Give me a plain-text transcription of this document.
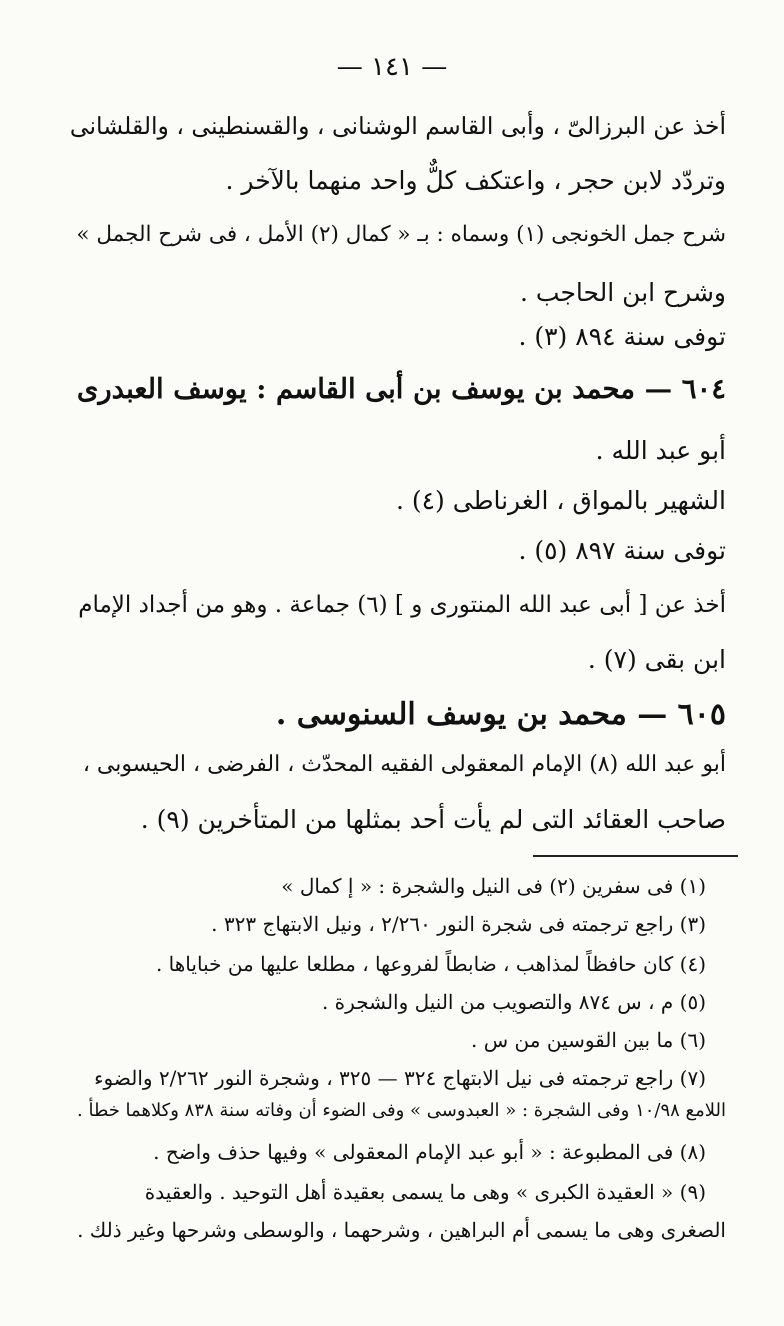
— ١٤١ —
أخذ عن البرزالىّ ، وأبى القاسم الوشنانى ، والقسنطينى ، والقلشانى
وتردّد لابن حجر ، واعتكف كلٌّ واحد منهما بالآخر .
شرح جمل الخونجى (١) وسماه : بـ « كمال (٢) الأمل ، فى شرح الجمل »
وشرح ابن الحاجب .
توفى سنة ٨٩٤ (٣) .
٦٠٤ — محمد بن يوسف بن أبى القاسم : يوسف العبدرى
أبو عبد الله .
الشهير بالمواق ، الغرناطى (٤) .
توفى سنة ٨٩٧ (٥) .
أخذ عن [ أبى عبد الله المنتورى و ] (٦) جماعة . وهو من أجداد الإمام
ابن بقى (٧) .
٦٠٥ — محمد بن يوسف السنوسى .
أبو عبد الله (٨) الإمام المعقولى الفقيه المحدّث ، الفرضى ، الحيسوبى ،
صاحب العقائد التى لم يأت أحد بمثلها من المتأخرين (٩) .
(١) فى سفرين (٢) فى النيل والشجرة : « إ كمال »
(٣) راجع ترجمته فى شجرة النور ٢/٢٦٠ ، ونيل الابتهاج ٣٢٣ .
(٤) كان حافظاً لمذاهب ، ضابطاً لفروعها ، مطلعا عليها من خباياها .
(٥) م ، س ٨٧٤ والتصويب من النيل والشجرة .
(٦) ما بين القوسين من س .
(٧) راجع ترجمته فى نيل الابتهاج ٣٢٤ — ٣٢٥ ، وشجرة النور ٢/٢٦٢ والضوء
اللامع ١٠/٩٨ وفى الشجرة : « العبدوسى » وفى الضوء أن وفاته سنة ٨٣٨ وكلاهما خطأ .
(٨) فى المطبوعة : « أبو عبد الإمام المعقولى » وفيها حذف واضح .
(٩) « العقيدة الكبرى » وهى ما يسمى بعقيدة أهل التوحيد . والعقيدة
الصغرى وهى ما يسمى أم البراهين ، وشرحهما ، والوسطى وشرحها وغير ذلك .
